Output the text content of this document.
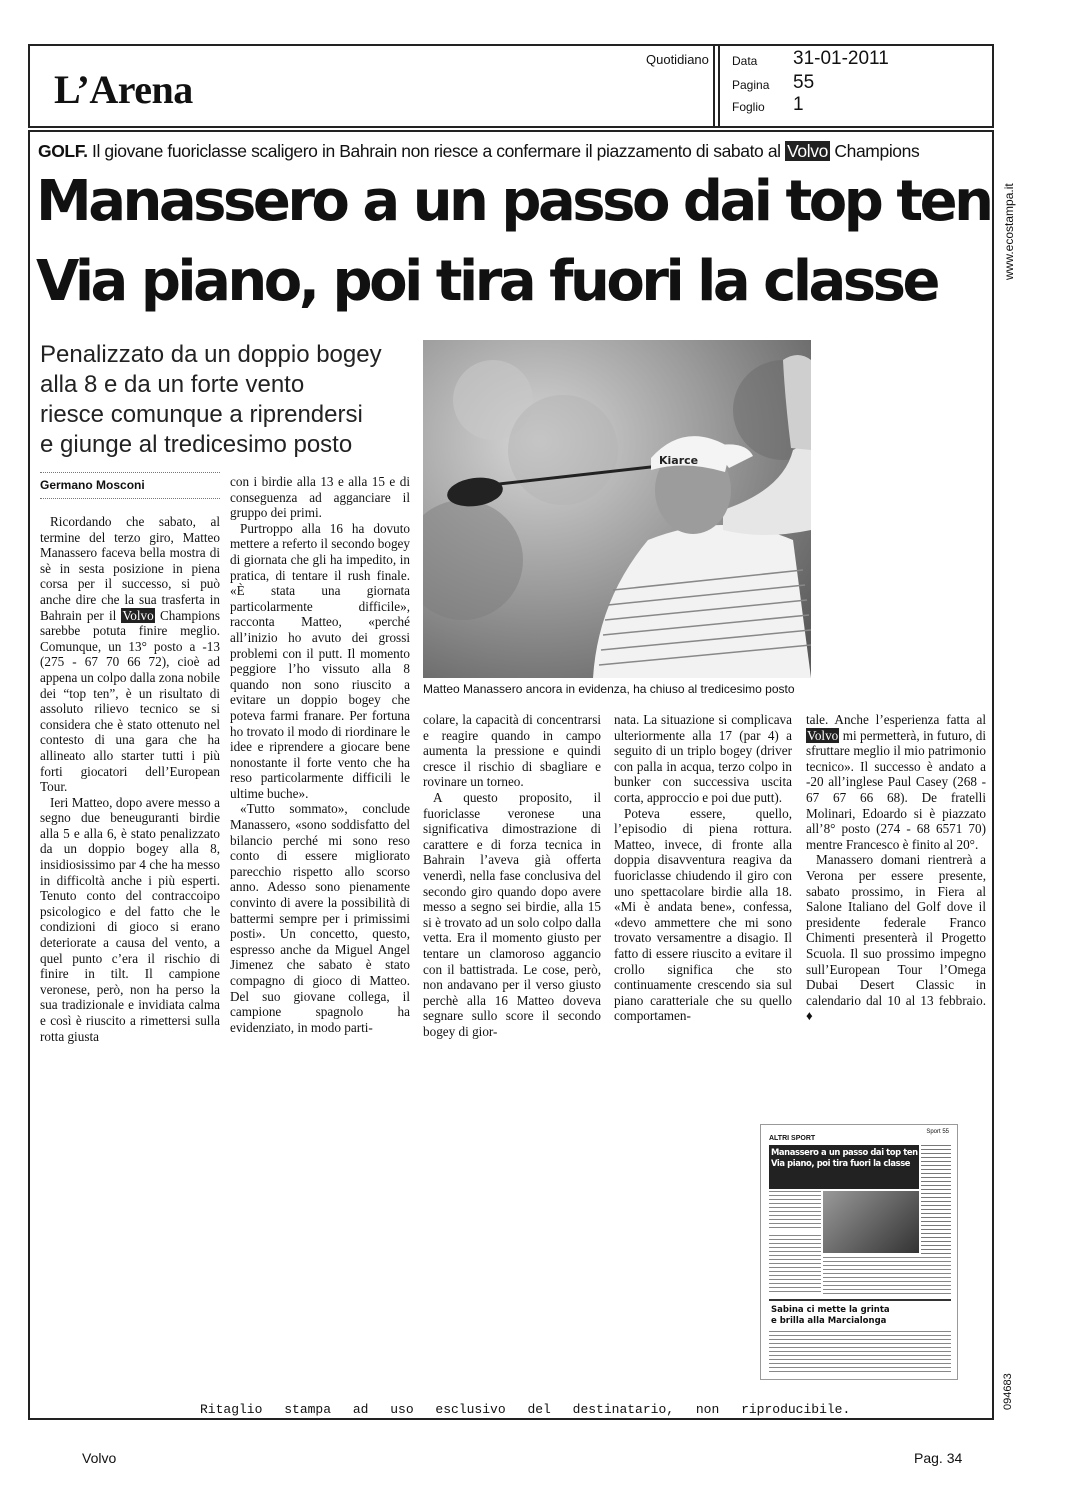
L’Arena
Quotidiano Data 31-01-2011
Pagina 55
Foglio 1
www.ecostampa.it
094683
GOLF. Il giovane fuoriclasse scaligero in Bahrain non riesce a confermare il piazzamento di sabato al Volvo Champions
Manassero a un passo dai top ten
Via piano, poi tira fuori la classe
Penalizzato da un doppio bogey
alla 8 e da un forte vento
riesce comunque a riprendersi
e giunge al tredicesimo posto
Kiarce
Matteo Manassero ancora in evidenza, ha chiuso al tredicesimo posto
Germano Mosconi

Ricordando che sabato, al termine del terzo giro, Matteo Manassero faceva bella mostra di sè in sesta posizione in piena corsa per il successo, si può anche dire che la sua trasferta in Bahrain per il Volvo Champions sarebbe potuta finire meglio. Comunque, un 13° posto a -13 (275 - 67 70 66 72), cioè ad appena un colpo dalla zona nobile dei “top ten”, è un risultato di assoluto rilievo tecnico se si considera che è stato ottenuto nel contesto di una gara che ha allineato allo starter tutti i più forti giocatori dell’European Tour.

Ieri Matteo, dopo avere messo a segno due beneuguranti birdie alla 5 e alla 6, è stato penalizzato da un doppio bogey alla 8, insidiosissimo par 4 che ha messo in difficoltà anche i più esperti. Tenuto conto del contraccoipo psicologico e del fatto che le condizioni di gioco si erano deteriorate a causa del vento, a quel punto c’era il rischio di finire in tilt. Il campione veronese, però, non ha perso la sua tradizionale e invidiata calma e così è riuscito a rimettersi sulla rotta giusta

con i birdie alla 13 e alla 15 e di conseguenza ad agganciare il gruppo dei primi.

Purtroppo alla 16 ha dovuto mettere a referto il secondo bogey di giornata che gli ha impedito, in pratica, di tentare il rush finale. «È stata una giornata particolarmente difficile», racconta Matteo, «perché all’inizio ho avuto dei grossi problemi con il putt. Il momento peggiore l’ho vissuto alla 8 quando non sono riuscito a evitare un doppio bogey che poteva farmi franare. Per fortuna ho trovato il modo di riordinare le idee e riprendere a giocare bene nonostante il forte vento che ha reso particolarmente difficili le ultime buche».

«Tutto sommato», conclude Manassero, «sono soddisfatto del bilancio perché mi sono reso conto di essere migliorato parecchio rispetto allo scorso anno. Adesso sono pienamente convinto di avere la possibilità di battermi sempre per i primissimi posti». Un concetto, questo, espresso anche da Miguel Angel Jimenez che sabato è stato compagno di gioco di Matteo. Del suo giovane collega, il campione spagnolo ha evidenziato, in modo parti-

colare, la capacità di concentrarsi e reagire quando in campo aumenta la pressione e quindi cresce il rischio di sbagliare e rovinare un torneo.

A questo proposito, il fuoriclasse veronese una significativa dimostrazione di carattere e di forza tecnica in Bahrain l’aveva già offerta venerdì, nella fase conclusiva del secondo giro quando dopo avere messo a segno sei birdie, alla 15 si è trovato ad un solo colpo dalla vetta. Era il momento giusto per tentare un clamoroso aggancio con il battistrada. Le cose, però, non andavano per il verso giusto perchè alla 16 Matteo doveva segnare sullo score il secondo bogey di gior-

nata. La situazione si complicava ulteriormente alla 17 (par 4) a seguito di un triplo bogey (driver con palla in acqua, terzo colpo in bunker con successiva uscita corta, approccio e poi due putt).

Poteva essere, quello, l’episodio di piena rottura. Matteo, invece, di fronte alla doppia disavventura reagiva da fuoriclasse chiudendo il giro con uno spettacolare birdie alla 18. «Mi è andata bene», confessa, «devo ammettere che mi sono trovato versamentre a disagio. Il fatto di essere riuscito a evitare il crollo significa che sto continuamente crescendo sia sul piano caratteriale che su quello comportamen-

tale. Anche l’esperienza fatta al Volvo mi permetterà, in futuro, di sfruttare meglio il mio patrimonio tecnico». Il successo è andato a -20 all’inglese Paul Casey (268 - 67 67 66 68). De fratelli Molinari, Edoardo si è piazzato all’8° posto (274 - 68 6571 70) mentre Francesco è finito al 20°.

Manassero domani rientrerà a Verona per essere presente, sabato prossimo, in Fiera al Salone Italiano del Golf dove il presidente federale Franco Chimenti presenterà il Progetto Scuola. Il suo prossimo impegno sull’European Tour l’Omega Dubai Desert Classic in calendario dal 10 al 13 febbraio. ♦

ALTRI SPORT
Sport 55
Manassero a un passo dai top ten
Via piano, poi tira fuori la classe
Sabina ci mette la grinta
e brilla alla Marcialonga
Ritaglio stampa ad uso esclusivo del destinatario, non riproducibile.
Volvo	Pag. 34
